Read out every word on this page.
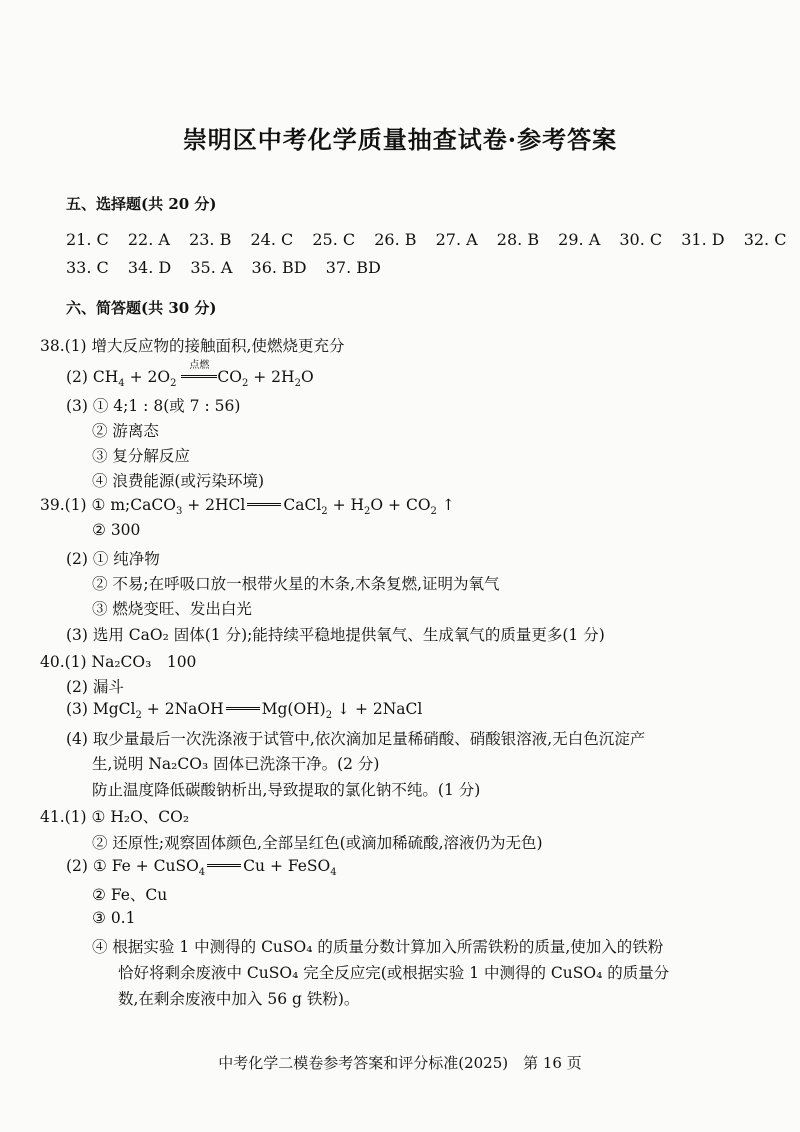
崇明区中考化学质量抽查试卷·参考答案
五、选择题(共 20 分)
21. C 22. A 23. B 24. C 25. C 26. B 27. A 28. B 29. A 30. C 31. D 32. C
33. C 34. D 35. A 36. BD 37. BD
六、简答题(共 30 分)
38.(1) 增大反应物的接触面积,使燃烧更充分
(2) $CH_4 + 2O_2$
点燃
$CO_2 + 2H_2O$
(3) ① 4;1 : 8(或 7 : 56)
② 游离态
③ 复分解反应
④ 浪费能源(或污染环境)
39.(1) ① m;CaCO$_3$ + 2HCl CaCl$_2$ + $H_2O + CO_2$ ↑
② 300
(2) ① 纯净物
② 不易;在呼吸口放一根带火星的木条,木条复燃,证明为氧气
③ 燃烧变旺、发出白光
(3) 选用 CaO₂ 固体(1 分);能持续平稳地提供氧气、生成氧气的质量更多(1 分)
40.(1) Na₂CO₃　100
(2) 漏斗
(3) MgCl$_2$ + 2NaOH $Mg(OH)_2$ ↓ + 2NaCl
(4) 取少量最后一次洗涤液于试管中,依次滴加足量稀硝酸、硝酸银溶液,无白色沉淀产
生,说明 Na₂CO₃ 固体已洗涤干净。(2 分)
防止温度降低碳酸钠析出,导致提取的氯化钠不纯。(1 分)
41.(1) ① H₂O、CO₂
② 还原性;观察固体颜色,全部呈红色(或滴加稀硫酸,溶液仍为无色)
(2) ① Fe + CuSO$_4$ Cu + FeSO$_4$
② Fe、Cu
③ 0.1
④ 根据实验 1 中测得的 CuSO₄ 的质量分数计算加入所需铁粉的质量,使加入的铁粉
恰好将剩余废液中 CuSO₄ 完全反应完(或根据实验 1 中测得的 CuSO₄ 的质量分
数,在剩余废液中加入 56 g 铁粉)。
中考化学二模卷参考答案和评分标准(2025)　第 16 页
